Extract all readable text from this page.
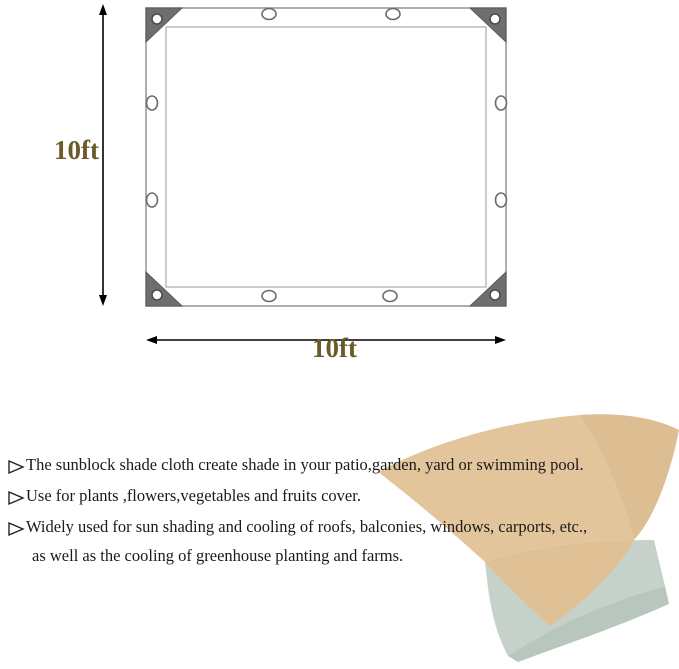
10ft
10ft
The sunblock shade cloth create shade in your patio,garden, yard or swimming pool.
Use for plants ,flowers,vegetables and fruits cover.
Widely used for sun shading and cooling of roofs, balconies, windows, carports, etc.,
as well as the cooling of greenhouse planting and farms.
